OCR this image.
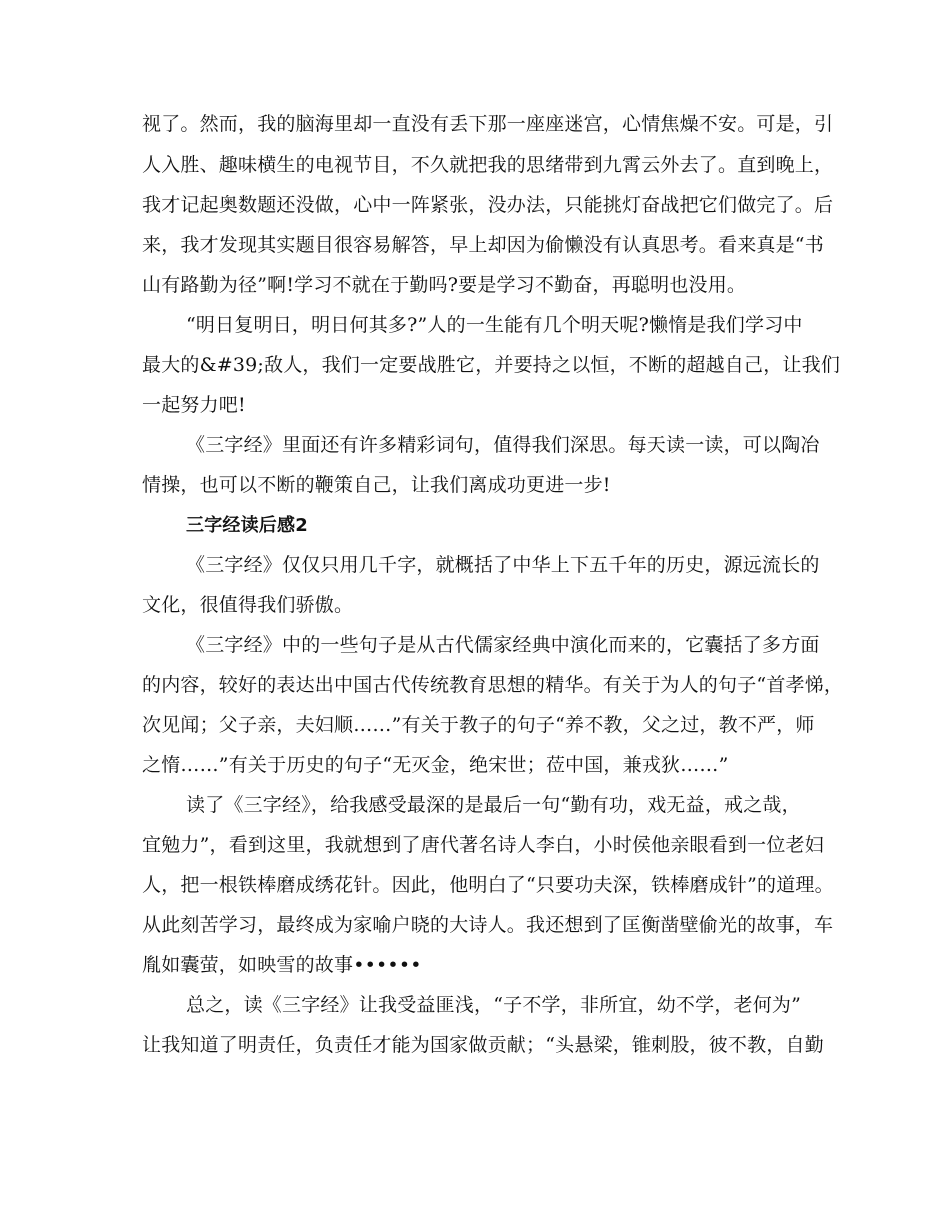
视了。然而，我的脑海里却一直没有丢下那一座座迷宫，心情焦燥不安。可是，引
人入胜、趣味横生的电视节目，不久就把我的思绪带到九霄云外去了。直到晚上，
我才记起奥数题还没做，心中一阵紧张，没办法，只能挑灯奋战把它们做完了。后
来，我才发现其实题目很容易解答，早上却因为偷懒没有认真思考。看来真是“书
山有路勤为径”啊!学习不就在于勤吗?要是学习不勤奋，再聪明也没用。
“明日复明日，明日何其多?”人的一生能有几个明天呢?懒惰是我们学习中
最大的&#39;敌人，我们一定要战胜它，并要持之以恒，不断的超越自己，让我们
一起努力吧!
《三字经》里面还有许多精彩词句，值得我们深思。每天读一读，可以陶冶
情操，也可以不断的鞭策自己，让我们离成功更进一步!
三字经读后感2
《三字经》仅仅只用几千字，就概括了中华上下五千年的历史，源远流长的
文化，很值得我们骄傲。
《三字经》中的一些句子是从古代儒家经典中演化而来的，它囊括了多方面
的内容，较好的表达出中国古代传统教育思想的精华。有关于为人的句子“首孝悌，
次见闻；父子亲，夫妇顺……”有关于教子的句子“养不教，父之过，教不严，师
之惰……”有关于历史的句子“无灭金，绝宋世；莅中国，兼戎狄……”
读了《三字经》，给我感受最深的是最后一句“勤有功，戏无益，戒之哉，
宜勉力”，看到这里，我就想到了唐代著名诗人李白，小时侯他亲眼看到一位老妇
人，把一根铁棒磨成绣花针。因此，他明白了“只要功夫深，铁棒磨成针”的道理。
从此刻苦学习，最终成为家喻户晓的大诗人。我还想到了匡衡凿壁偷光的故事，车
胤如囊萤，如映雪的故事••••••
总之，读《三字经》让我受益匪浅，“子不学，非所宜，幼不学，老何为”
让我知道了明责任，负责任才能为国家做贡献；“头悬梁，锥刺股，彼不教，自勤
